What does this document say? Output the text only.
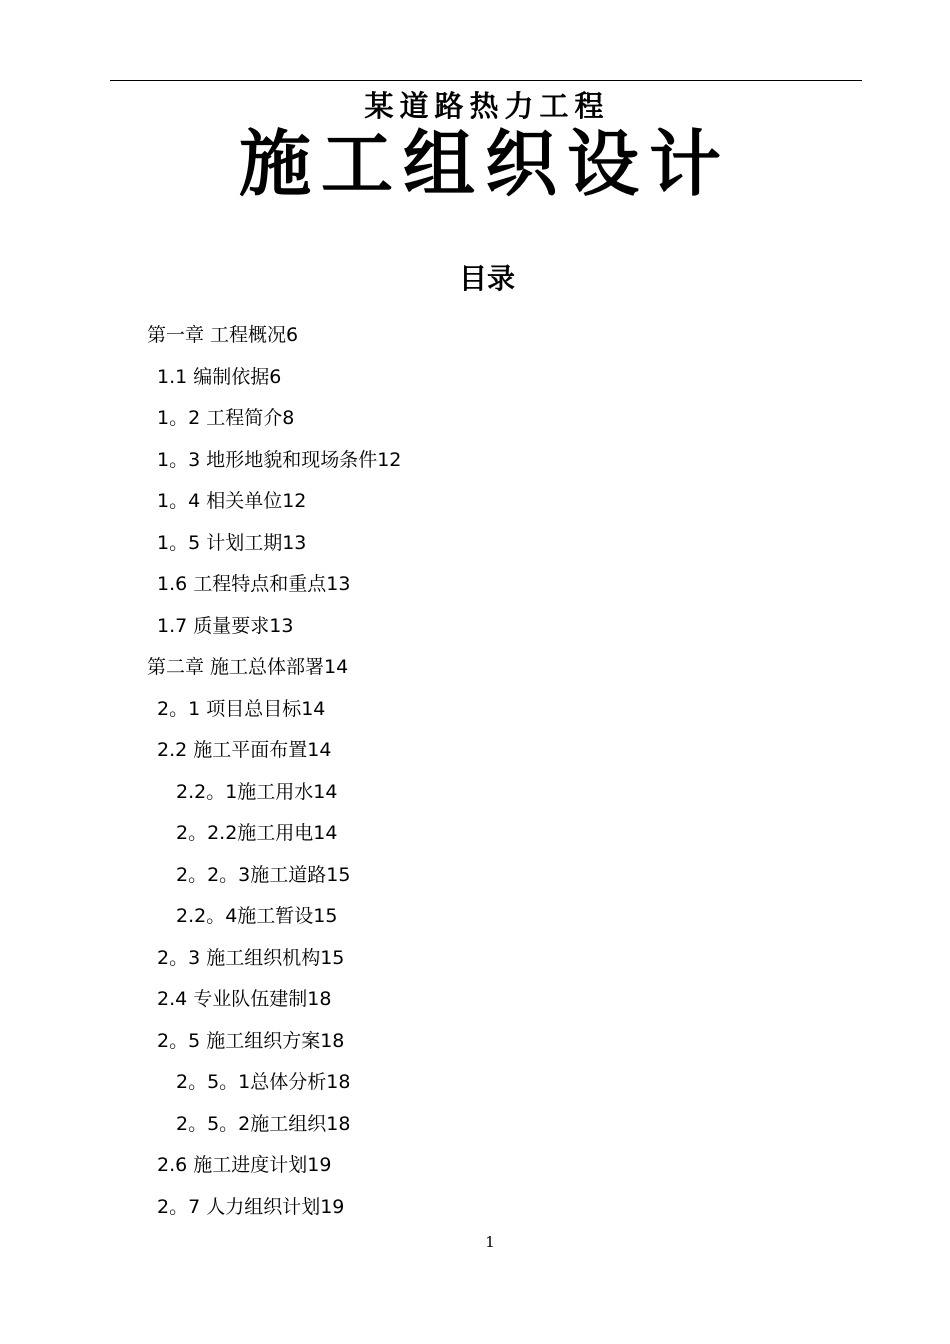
某道路热力工程
施工组织设计
目录
第一章 工程概况6
1.1 编制依据6
1。2 工程简介8
1。3 地形地貌和现场条件12
1。4 相关单位12
1。5 计划工期13
1.6 工程特点和重点13
1.7 质量要求13
第二章 施工总体部署14
2。1 项目总目标14
2.2 施工平面布置14
2.2。1施工用水14
2。2.2施工用电14
2。2。3施工道路15
2.2。4施工暂设15
2。3 施工组织机构15
2.4 专业队伍建制18
2。5 施工组织方案18
2。5。1总体分析18
2。5。2施工组织18
2.6 施工进度计划19
2。7 人力组织计划19
1
